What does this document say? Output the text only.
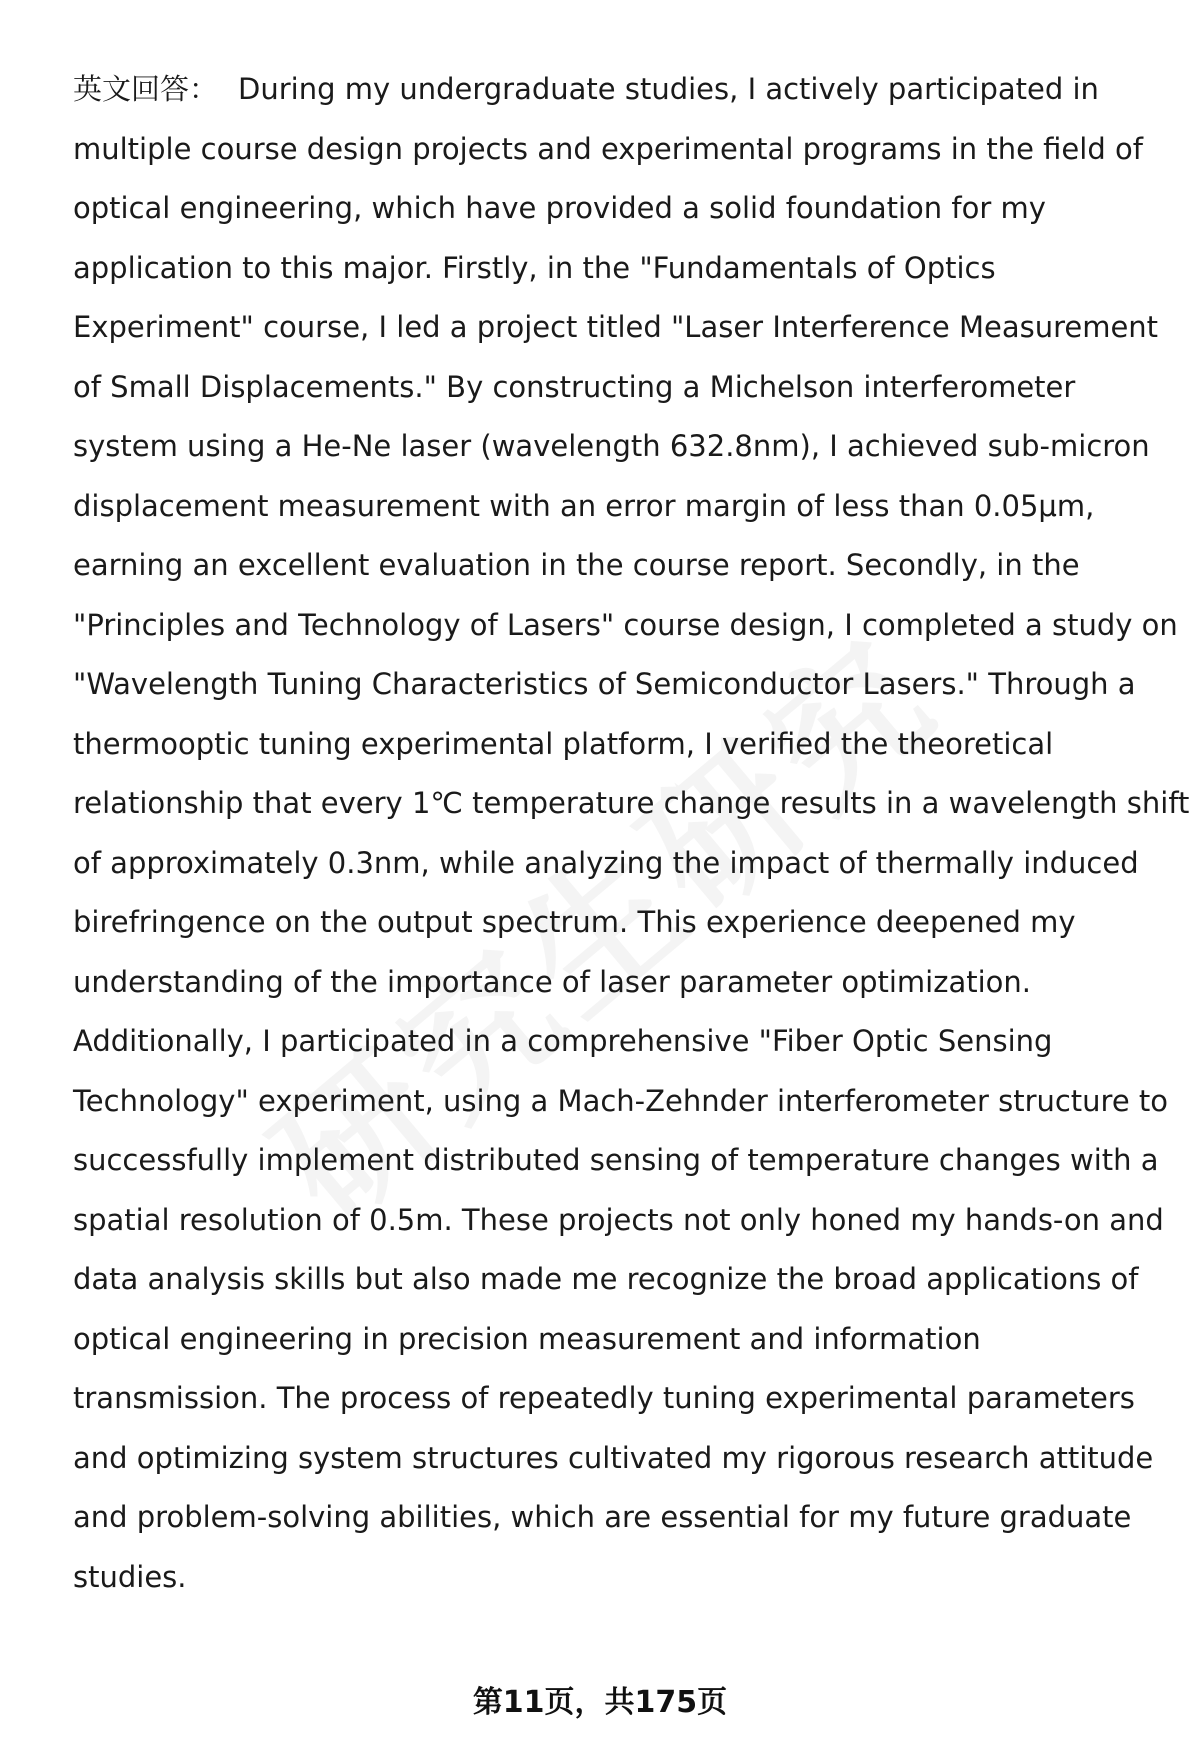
英文回答： During my undergraduate studies, I actively participated in
multiple course design projects and experimental programs in the field of
optical engineering, which have provided a solid foundation for my
application to this major. Firstly, in the "Fundamentals of Optics
Experiment" course, I led a project titled "Laser Interference Measurement
of Small Displacements." By constructing a Michelson interferometer
system using a He-Ne laser (wavelength 632.8nm), I achieved sub-micron
displacement measurement with an error margin of less than 0.05μm,
earning an excellent evaluation in the course report. Secondly, in the
"Principles and Technology of Lasers" course design, I completed a study on
"Wavelength Tuning Characteristics of Semiconductor Lasers." Through a
thermooptic tuning experimental platform, I verified the theoretical
relationship that every 1℃ temperature change results in a wavelength shift
of approximately 0.3nm, while analyzing the impact of thermally induced
birefringence on the output spectrum. This experience deepened my
understanding of the importance of laser parameter optimization.
Additionally, I participated in a comprehensive "Fiber Optic Sensing
Technology" experiment, using a Mach-Zehnder interferometer structure to
successfully implement distributed sensing of temperature changes with a
spatial resolution of 0.5m. These projects not only honed my hands-on and
data analysis skills but also made me recognize the broad applications of
optical engineering in precision measurement and information
transmission. The process of repeatedly tuning experimental parameters
and optimizing system structures cultivated my rigorous research attitude
and problem-solving abilities, which are essential for my future graduate
studies.
第11页，共175页
